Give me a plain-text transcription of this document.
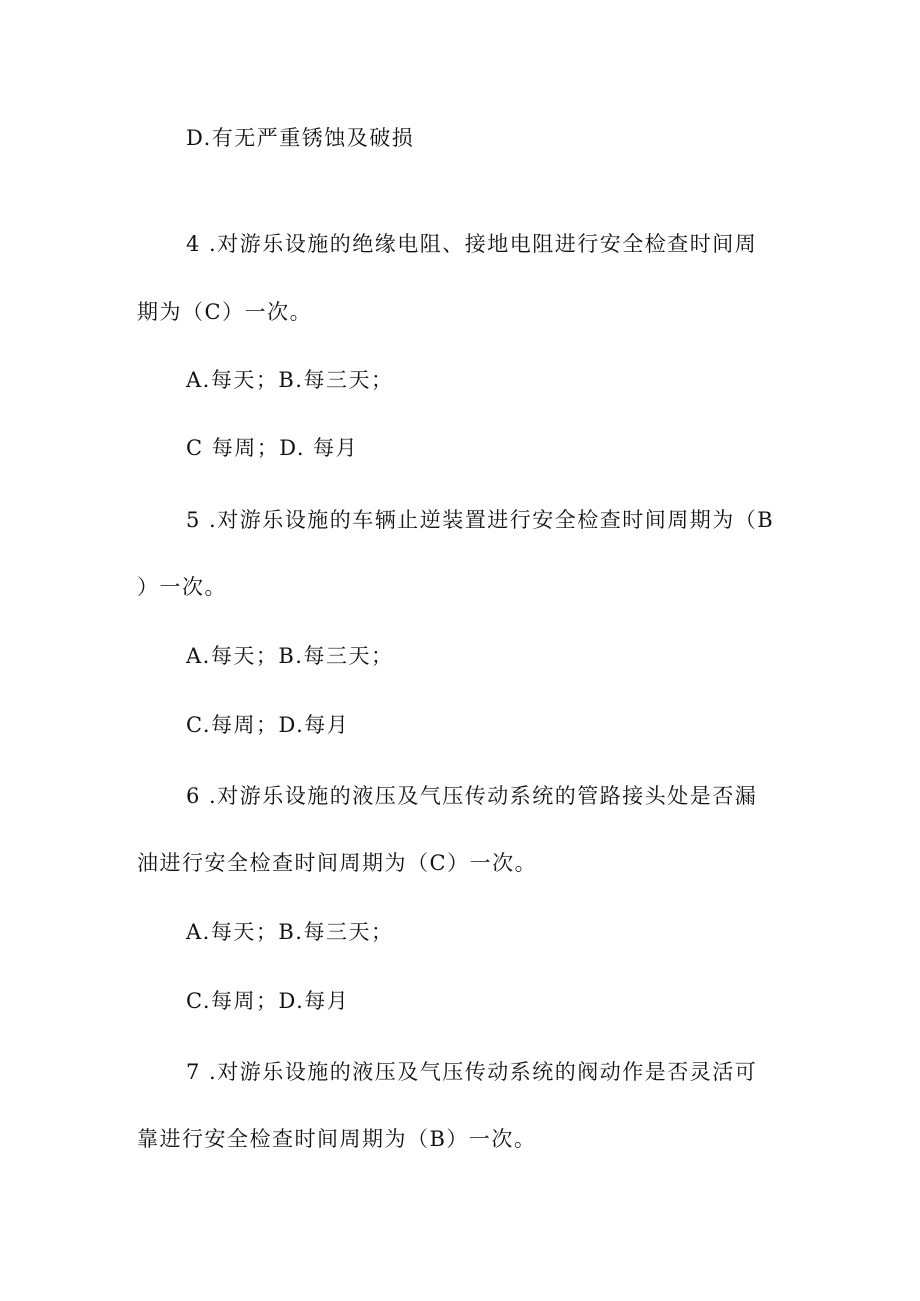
D.有无严重锈蚀及破损
4 .对游乐设施的绝缘电阻、接地电阻进行安全检查时间周
期为（C）一次。
A.每天；B.每三天；
C 每周；D. 每月
5 .对游乐设施的车辆止逆装置进行安全检查时间周期为（B
）一次。
A.每天；B.每三天；
C.每周；D.每月
6 .对游乐设施的液压及气压传动系统的管路接头处是否漏
油进行安全检查时间周期为（C）一次。
A.每天；B.每三天；
C.每周；D.每月
7 .对游乐设施的液压及气压传动系统的阀动作是否灵活可
靠进行安全检查时间周期为（B）一次。
